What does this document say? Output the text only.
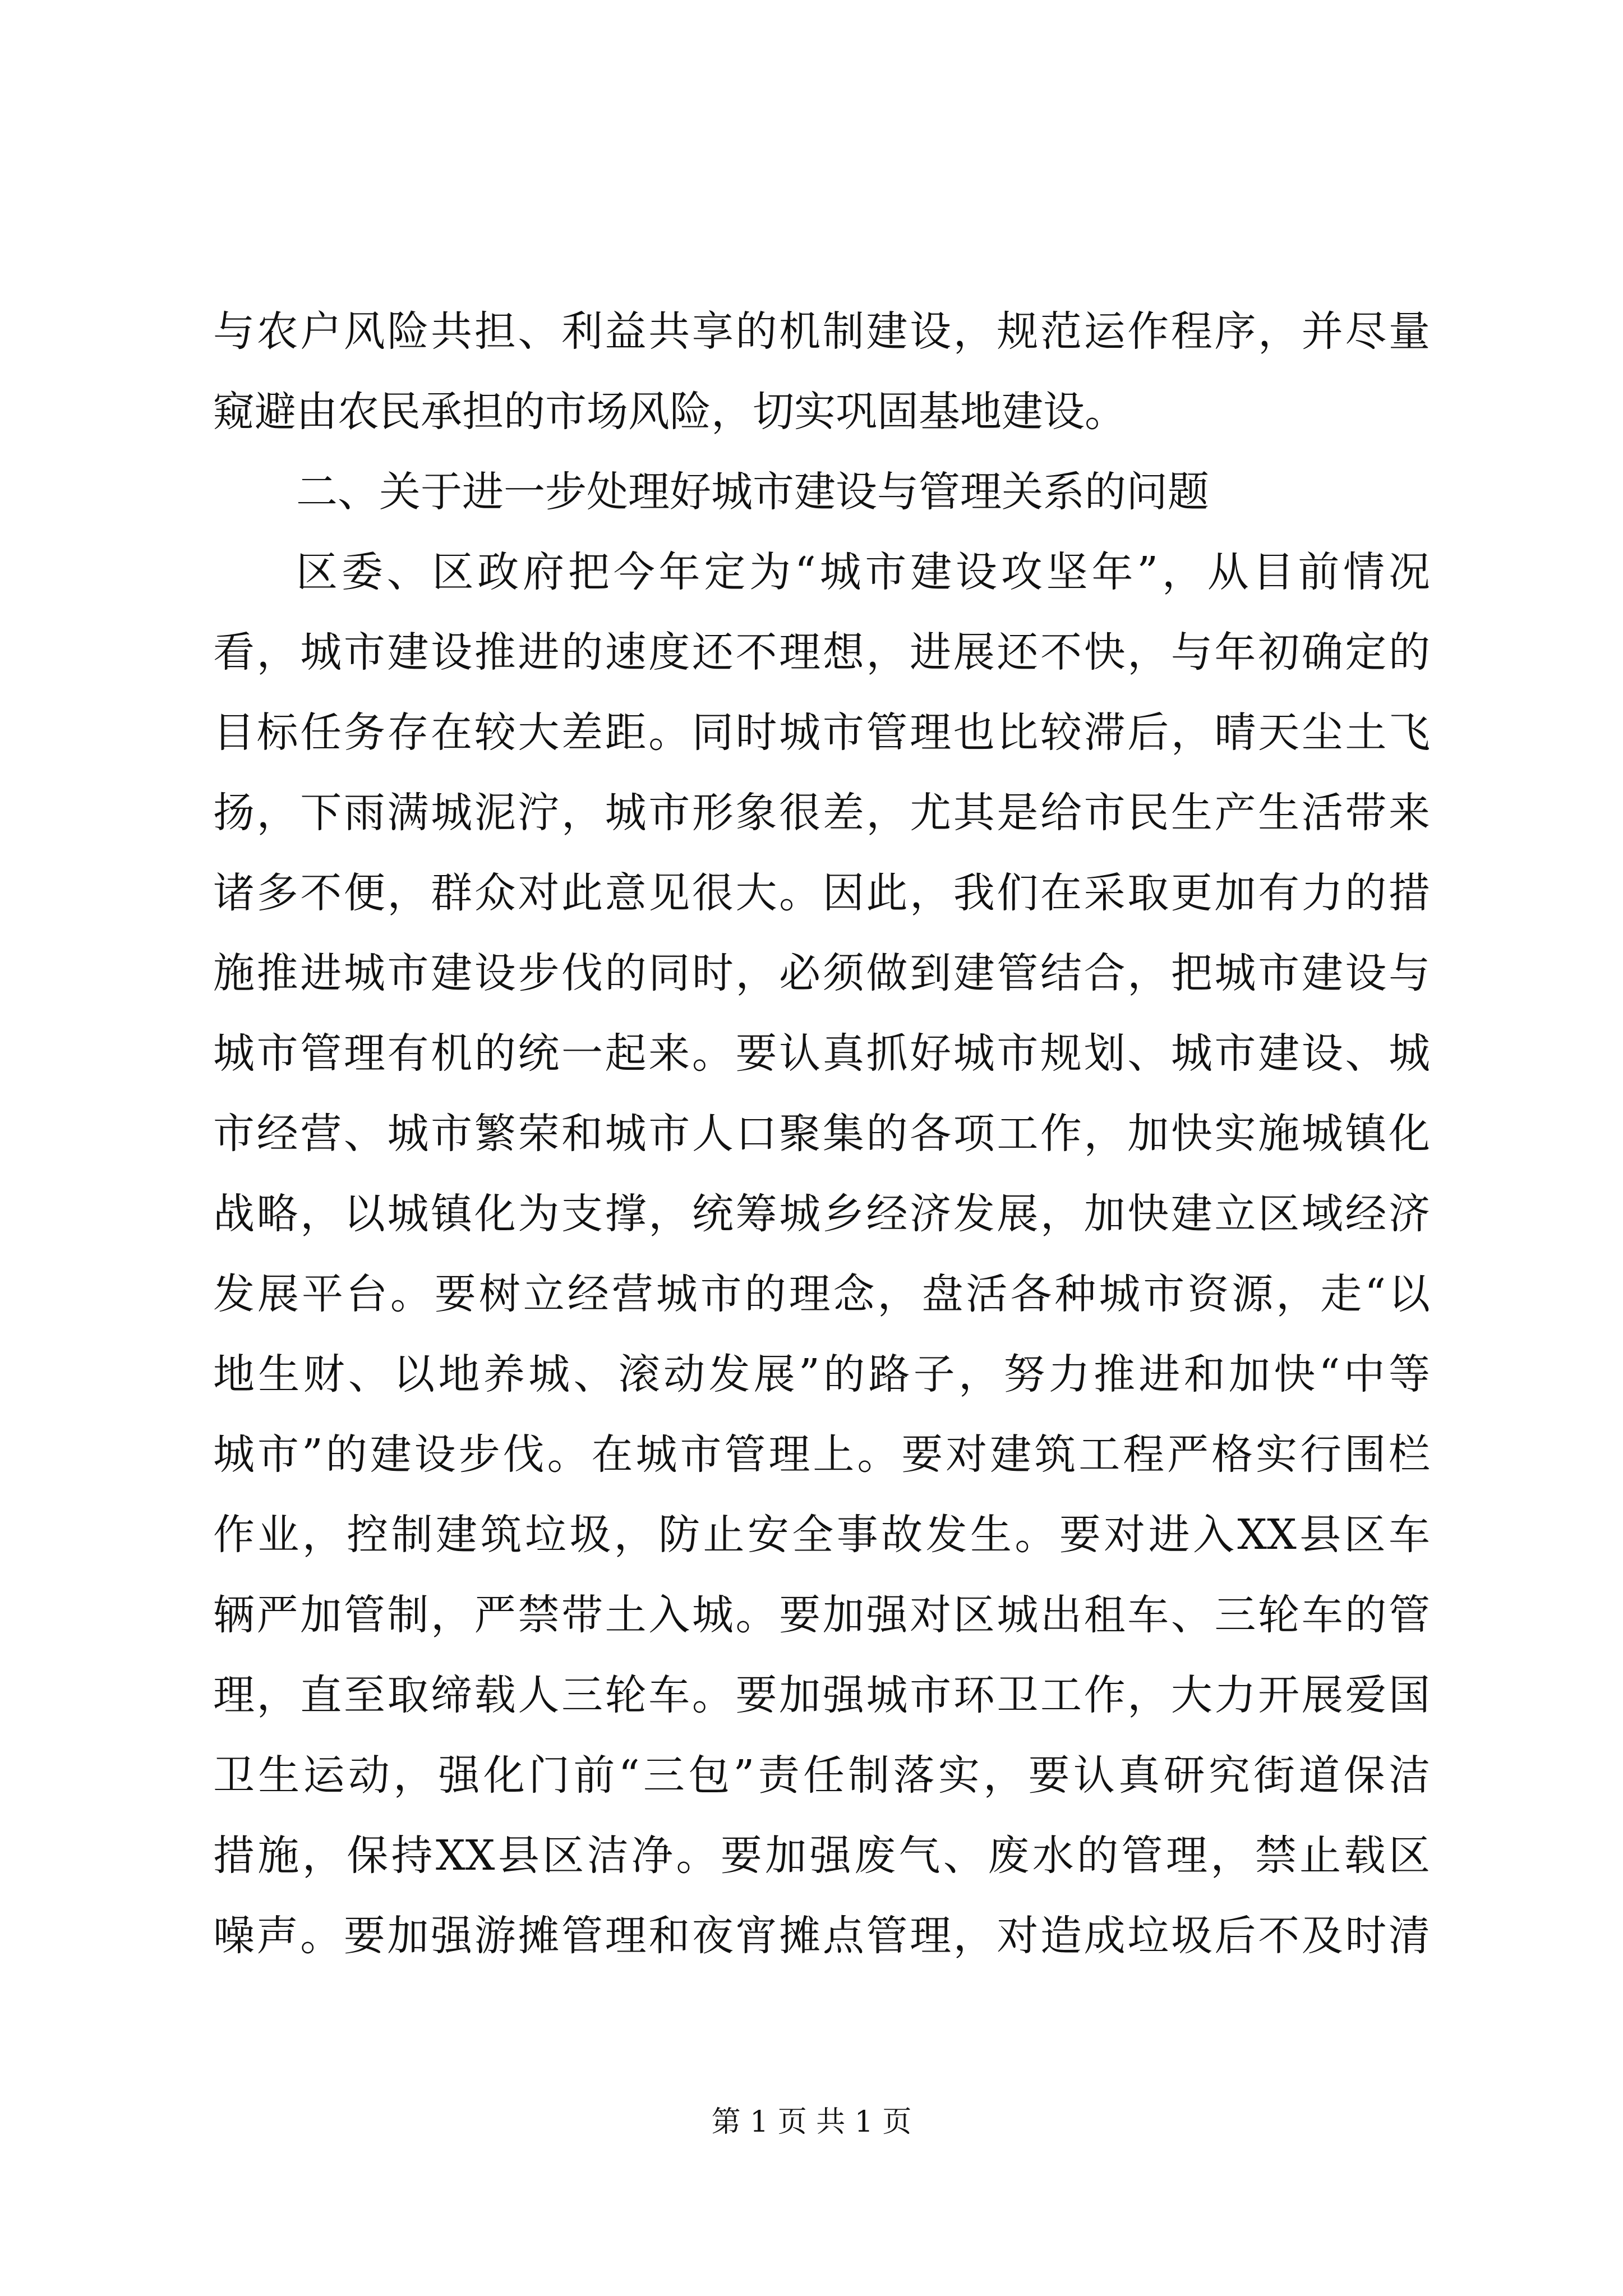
与农户风险共担、利益共享的机制建设，规范运作程序，并尽量
窥避由农民承担的市场风险，切实巩固基地建设。
二、关于进一步处理好城市建设与管理关系的问题
区委、区政府把今年定为“城市建设攻坚年”，从目前情况
看，城市建设推进的速度还不理想，进展还不快，与年初确定的
目标任务存在较大差距。同时城市管理也比较滞后，晴天尘土飞
扬，下雨满城泥泞，城市形象很差，尤其是给市民生产生活带来
诸多不便，群众对此意见很大。因此，我们在采取更加有力的措
施推进城市建设步伐的同时，必须做到建管结合，把城市建设与
城市管理有机的统一起来。要认真抓好城市规划、城市建设、城
市经营、城市繁荣和城市人口聚集的各项工作，加快实施城镇化
战略，以城镇化为支撑，统筹城乡经济发展，加快建立区域经济
发展平台。要树立经营城市的理念，盘活各种城市资源，走“以
地生财、以地养城、滚动发展”的路子，努力推进和加快“中等
城市”的建设步伐。在城市管理上。要对建筑工程严格实行围栏
作业，控制建筑垃圾，防止安全事故发生。要对进入XX县区车
辆严加管制，严禁带土入城。要加强对区城出租车、三轮车的管
理，直至取缔载人三轮车。要加强城市环卫工作，大力开展爱国
卫生运动，强化门前“三包”责任制落实，要认真研究街道保洁
措施，保持XX县区洁净。要加强废气、废水的管理，禁止载区
噪声。要加强游摊管理和夜宵摊点管理，对造成垃圾后不及时清
第 1 页 共 1 页
